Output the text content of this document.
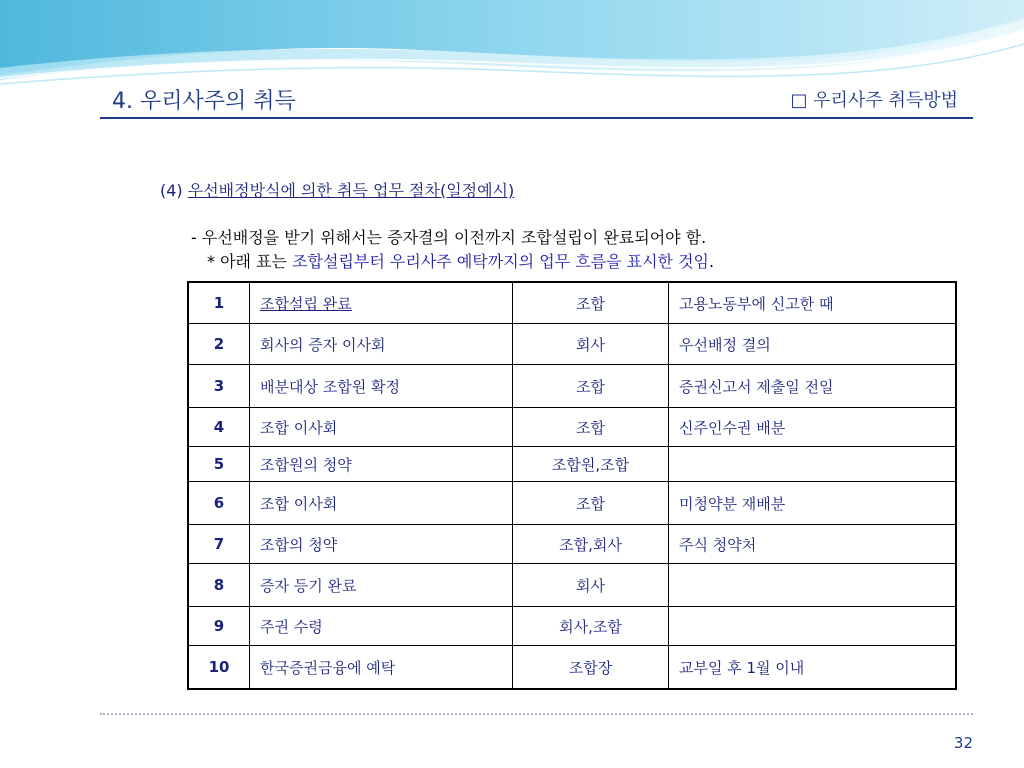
4. 우리사주의 취득	□ 우리사주 취득방법
(4) 우선배정방식에 의한 취득 업무 절차(일정예시)
- 우선배정을 받기 위해서는 증자결의 이전까지 조합설립이 완료되어야 함.
* 아래 표는 조합설립부터 우리사주 예탁까지의 업무 흐름을 표시한 것임.
1	조합설립 완료	조합	고용노동부에 신고한 때
2	회사의 증자 이사회	회사	우선배정 결의
3	배분대상 조합원 확정	조합	증권신고서 제출일 전일
4	조합 이사회	조합	신주인수권 배분
5	조합원의 청약	조합원,조합	
6	조합 이사회	조합	미청약분 재배분
7	조합의 청약	조합,회사	주식 청약처
8	증자 등기 완료	회사	
9	주권 수령	회사,조합	
10	한국증권금융에 예탁	조합장	교부일 후 1월 이내
32
